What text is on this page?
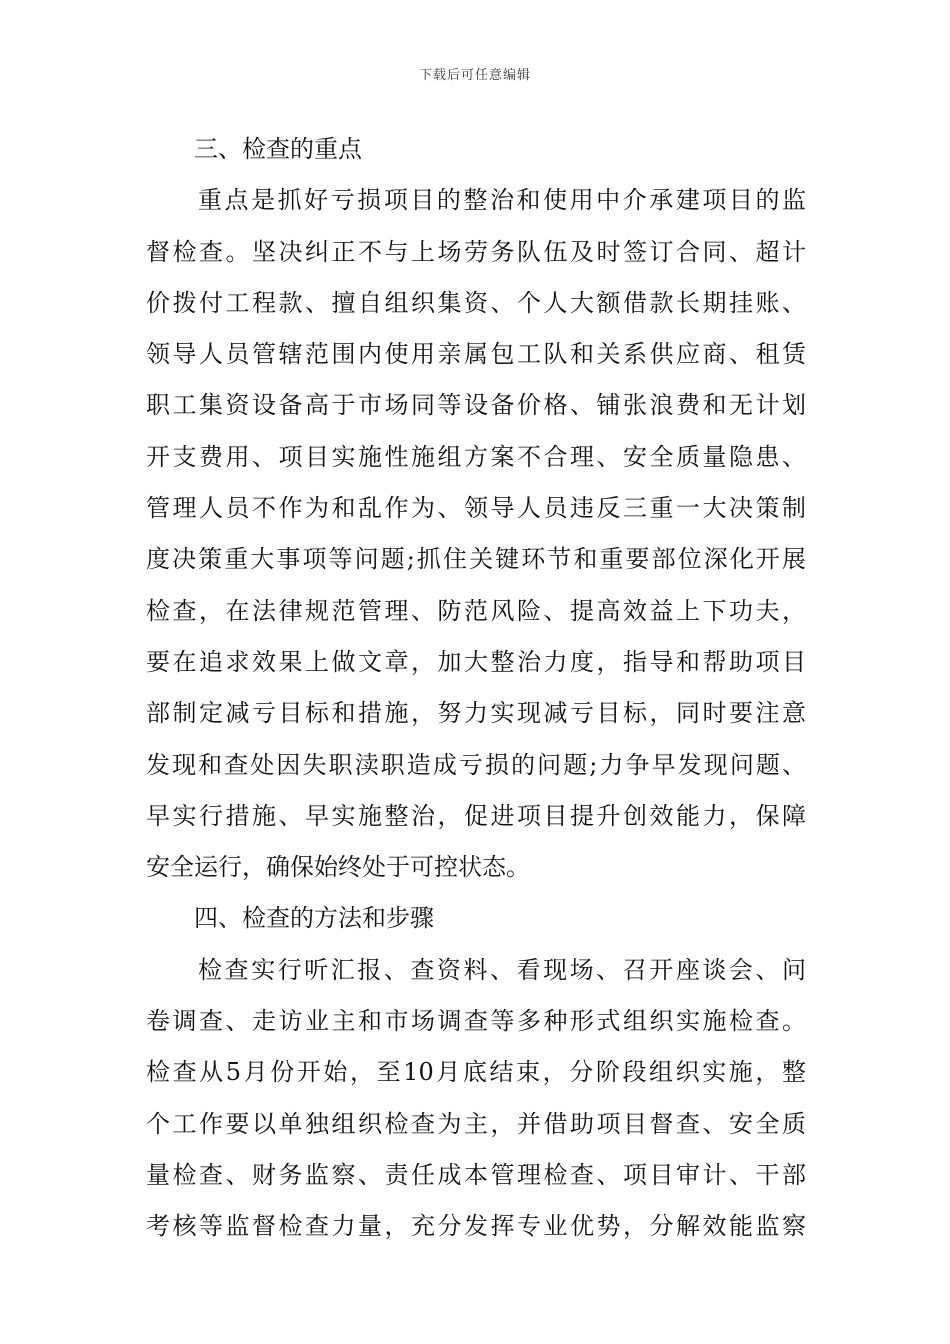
下载后可任意编辑

三、检查的重点

重点是抓好亏损项目的整治和使用中介承建项目的监
督检查。坚决纠正不与上场劳务队伍及时签订合同、超计
价拨付工程款、擅自组织集资、个人大额借款长期挂账、
领导人员管辖范围内使用亲属包工队和关系供应商、租赁
职工集资设备高于市场同等设备价格、铺张浪费和无计划
开支费用、项目实施性施组方案不合理、安全质量隐患、
管理人员不作为和乱作为、领导人员违反三重一大决策制
度决策重大事项等问题;抓住关键环节和重要部位深化开展
检查，在法律规范管理、防范风险、提高效益上下功夫，
要在追求效果上做文章，加大整治力度，指导和帮助项目
部制定减亏目标和措施，努力实现减亏目标，同时要注意
发现和查处因失职渎职造成亏损的问题;力争早发现问题、
早实行措施、早实施整治，促进项目提升创效能力，保障
安全运行，确保始终处于可控状态。

四、检查的方法和步骤

检查实行听汇报、查资料、看现场、召开座谈会、问
卷调查、走访业主和市场调查等多种形式组织实施检查。
检查从5月份开始，至10月底结束，分阶段组织实施，整
个工作要以单独组织检查为主，并借助项目督查、安全质
量检查、财务监察、责任成本管理检查、项目审计、干部
考核等监督检查力量，充分发挥专业优势，分解效能监察
